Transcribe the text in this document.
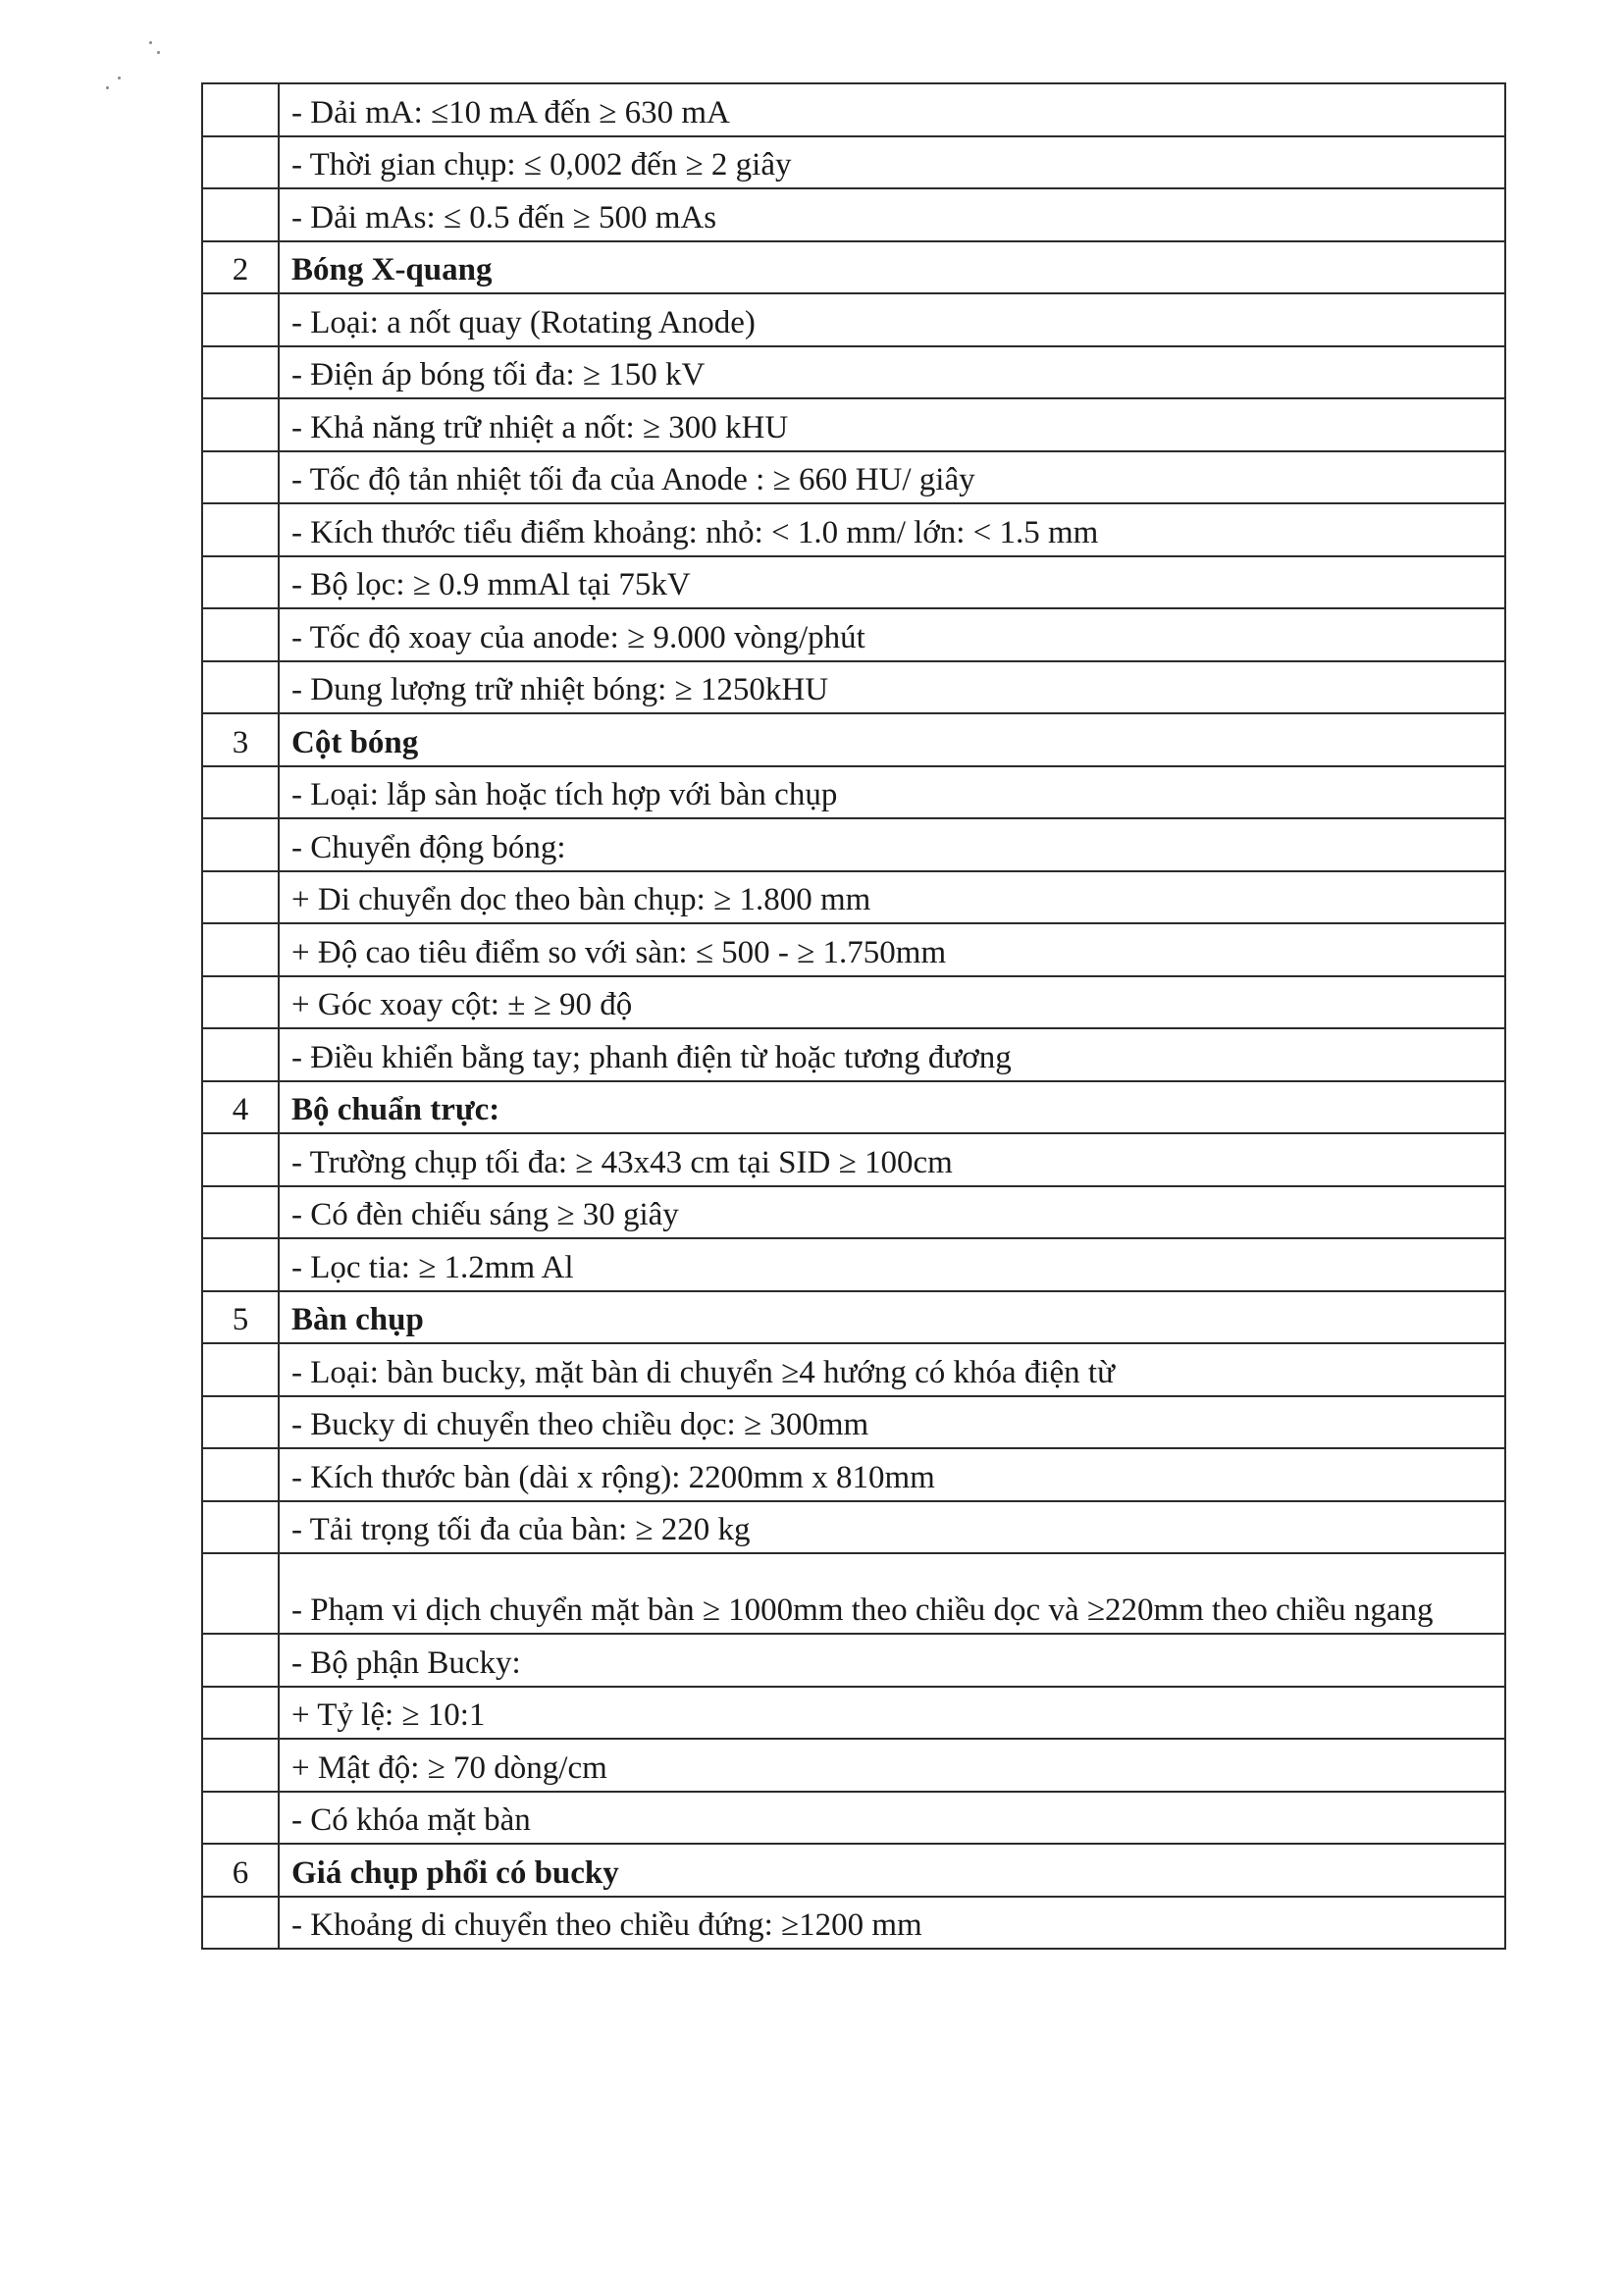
	- Dải mA: ≤10 mA đến ≥ 630 mA
	- Thời gian chụp: ≤ 0,002 đến ≥ 2 giây
	- Dải mAs: ≤ 0.5 đến ≥ 500 mAs
2	Bóng X-quang
	- Loại: a nốt quay (Rotating Anode)
	- Điện áp bóng tối đa: ≥ 150 kV
	- Khả năng trữ nhiệt a nốt: ≥ 300 kHU
	- Tốc độ tản nhiệt tối đa của Anode : ≥ 660 HU/ giây
	- Kích thước tiểu điểm khoảng: nhỏ: < 1.0 mm/ lớn: < 1.5 mm
	- Bộ lọc: ≥ 0.9 mmAl tại 75kV
	- Tốc độ xoay của anode: ≥ 9.000 vòng/phút
	- Dung lượng trữ nhiệt bóng: ≥ 1250kHU
3	Cột bóng
	- Loại: lắp sàn hoặc tích hợp với bàn chụp
	- Chuyển động bóng:
	+ Di chuyển dọc theo bàn chụp: ≥ 1.800 mm
	+ Độ cao tiêu điểm so với sàn: ≤ 500 - ≥ 1.750mm
	+ Góc xoay cột: ± ≥ 90 độ
	- Điều khiển bằng tay; phanh điện từ hoặc tương đương
4	Bộ chuẩn trực:
	- Trường chụp tối đa: ≥ 43x43 cm tại SID ≥ 100cm
	- Có đèn chiếu sáng ≥ 30 giây
	- Lọc tia: ≥ 1.2mm Al
5	Bàn chụp
	- Loại: bàn bucky, mặt bàn di chuyển ≥4 hướng có khóa điện từ
	- Bucky di chuyển theo chiều dọc: ≥ 300mm
	- Kích thước bàn (dài x rộng): 2200mm x 810mm
	- Tải trọng tối đa của bàn: ≥ 220 kg
	- Phạm vi dịch chuyển mặt bàn ≥ 1000mm theo chiều dọc và ≥220mm theo chiều ngang
	- Bộ phận Bucky:
	+ Tỷ lệ: ≥ 10:1
	+ Mật độ: ≥ 70 dòng/cm
	- Có khóa mặt bàn
6	Giá chụp phổi có bucky
	- Khoảng di chuyển theo chiều đứng: ≥1200 mm
